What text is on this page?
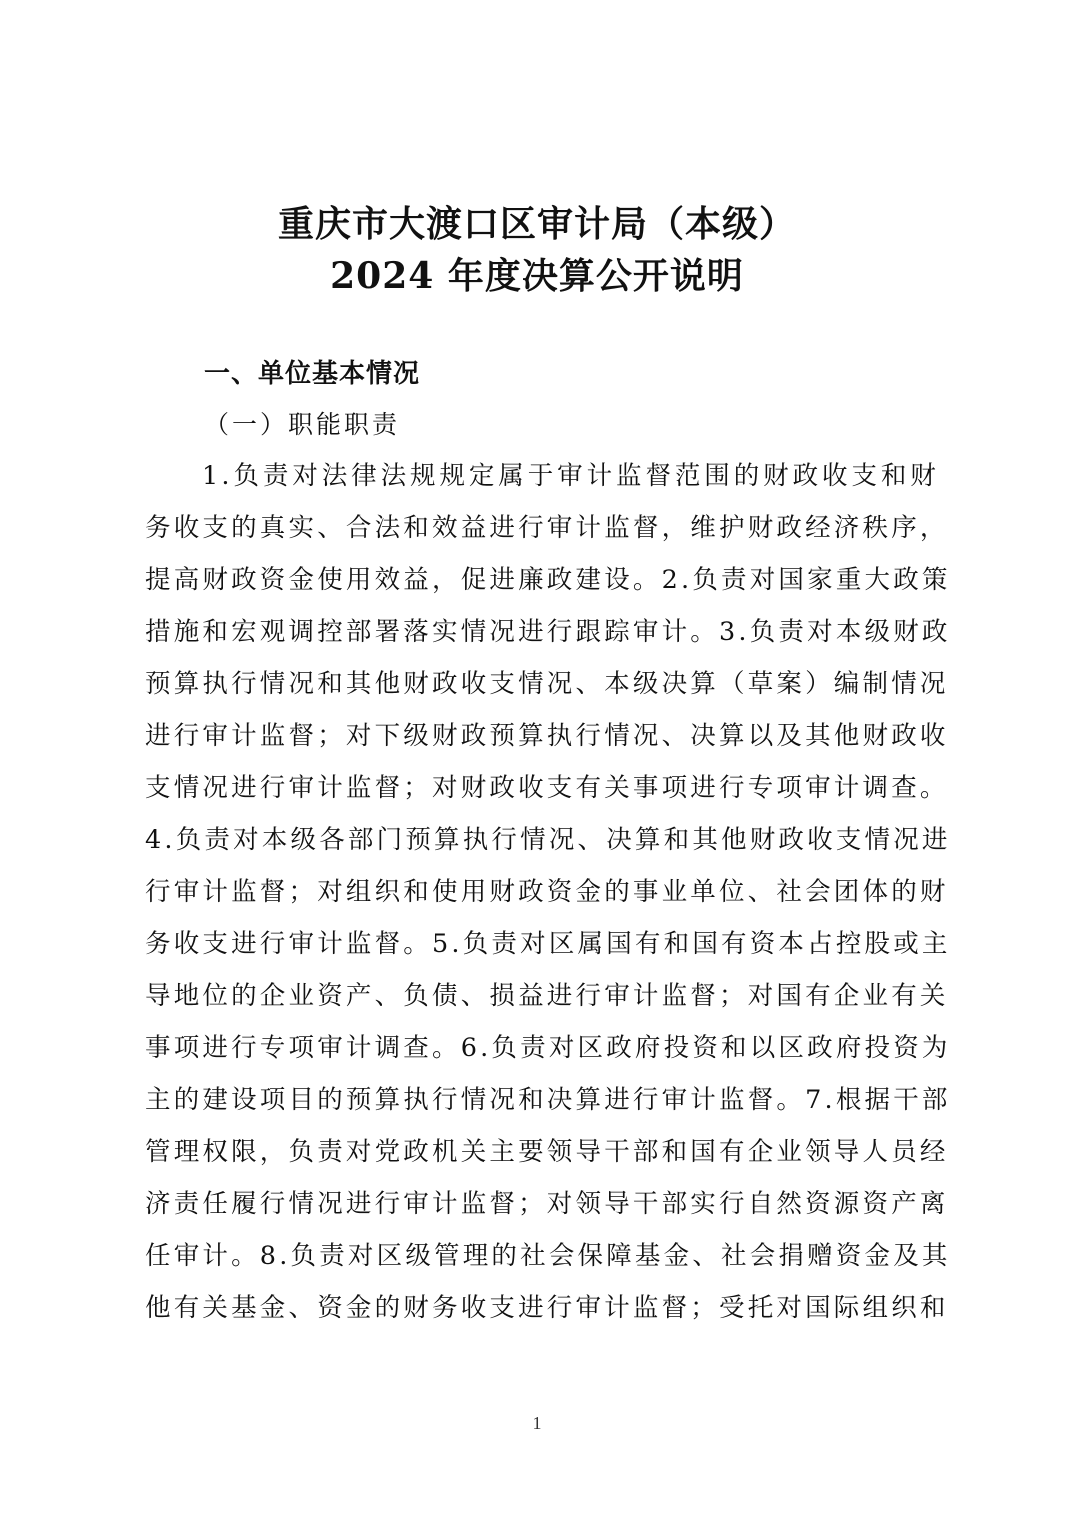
重庆市大渡口区审计局（本级）
2024 年度决算公开说明
一、单位基本情况
（一）职能职责
1.负责对法律法规规定属于审计监督范围的财政收支和财
务收支的真实、合法和效益进行审计监督，维护财政经济秩序，
提高财政资金使用效益，促进廉政建设。2.负责对国家重大政策
措施和宏观调控部署落实情况进行跟踪审计。3.负责对本级财政
预算执行情况和其他财政收支情况、本级决算（草案）编制情况
进行审计监督；对下级财政预算执行情况、决算以及其他财政收
支情况进行审计监督；对财政收支有关事项进行专项审计调查。
4.负责对本级各部门预算执行情况、决算和其他财政收支情况进
行审计监督；对组织和使用财政资金的事业单位、社会团体的财
务收支进行审计监督。5.负责对区属国有和国有资本占控股或主
导地位的企业资产、负债、损益进行审计监督；对国有企业有关
事项进行专项审计调查。6.负责对区政府投资和以区政府投资为
主的建设项目的预算执行情况和决算进行审计监督。7.根据干部
管理权限，负责对党政机关主要领导干部和国有企业领导人员经
济责任履行情况进行审计监督；对领导干部实行自然资源资产离
任审计。8.负责对区级管理的社会保障基金、社会捐赠资金及其
他有关基金、资金的财务收支进行审计监督；受托对国际组织和
1
